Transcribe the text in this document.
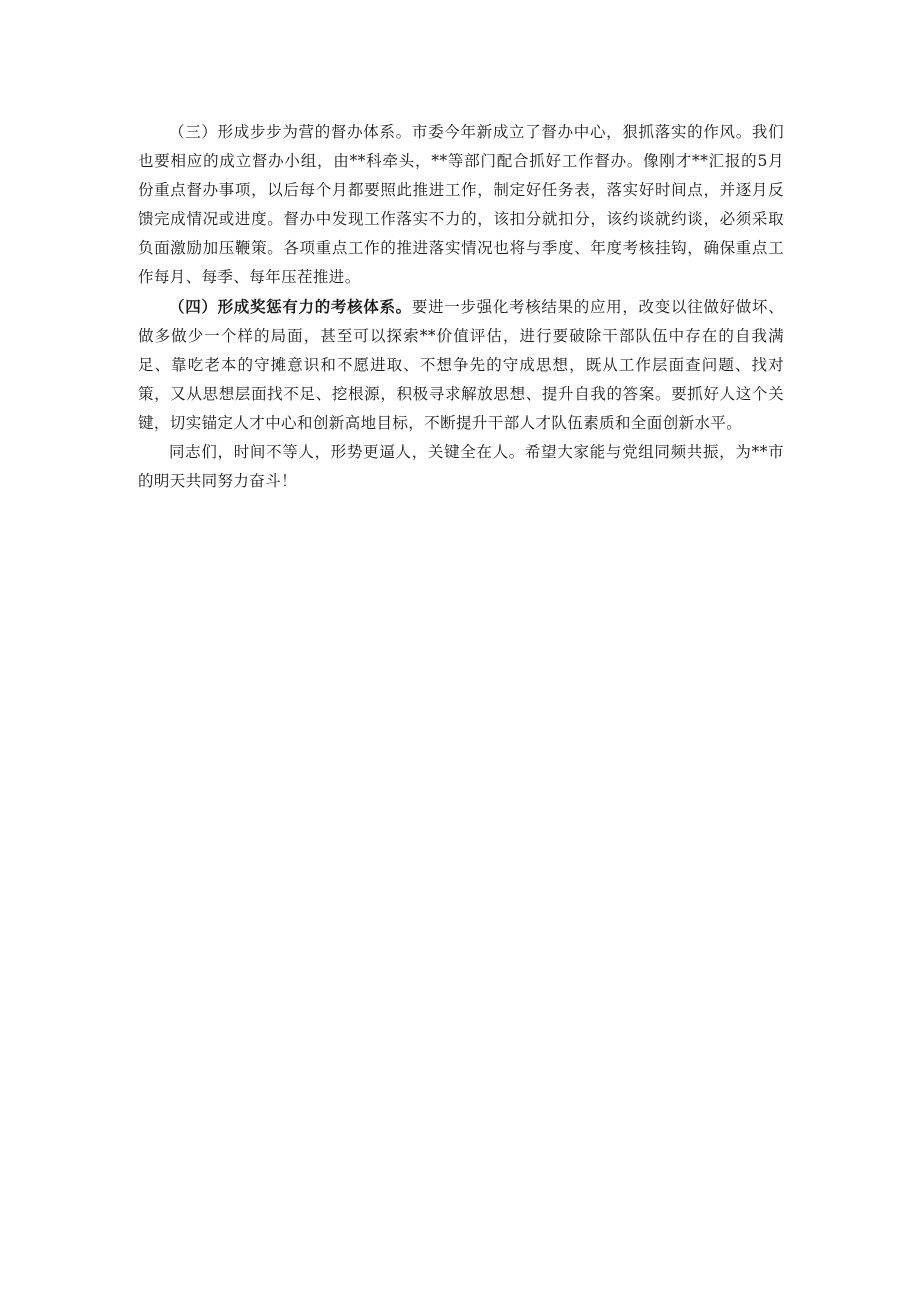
（三）形成步步为营的督办体系。市委今年新成立了督办中心，狠抓落实的作风。我们也要相应的成立督办小组，由**科牵头，**等部门配合抓好工作督办。像刚才**汇报的5月份重点督办事项，以后每个月都要照此推进工作，制定好任务表，落实好时间点，并逐月反馈完成情况或进度。督办中发现工作落实不力的，该扣分就扣分，该约谈就约谈，必须采取负面激励加压鞭策。各项重点工作的推进落实情况也将与季度、年度考核挂钩，确保重点工作每月、每季、每年压茬推进。

（四）形成奖惩有力的考核体系。要进一步强化考核结果的应用，改变以往做好做坏、做多做少一个样的局面，甚至可以探索**价值评估，进行要破除干部队伍中存在的自我满足、靠吃老本的守摊意识和不愿进取、不想争先的守成思想，既从工作层面查问题、找对策，又从思想层面找不足、挖根源，积极寻求解放思想、提升自我的答案。要抓好人这个关键，切实锚定人才中心和创新高地目标，不断提升干部人才队伍素质和全面创新水平。

同志们，时间不等人，形势更逼人，关键全在人。希望大家能与党组同频共振，为**市的明天共同努力奋斗！
